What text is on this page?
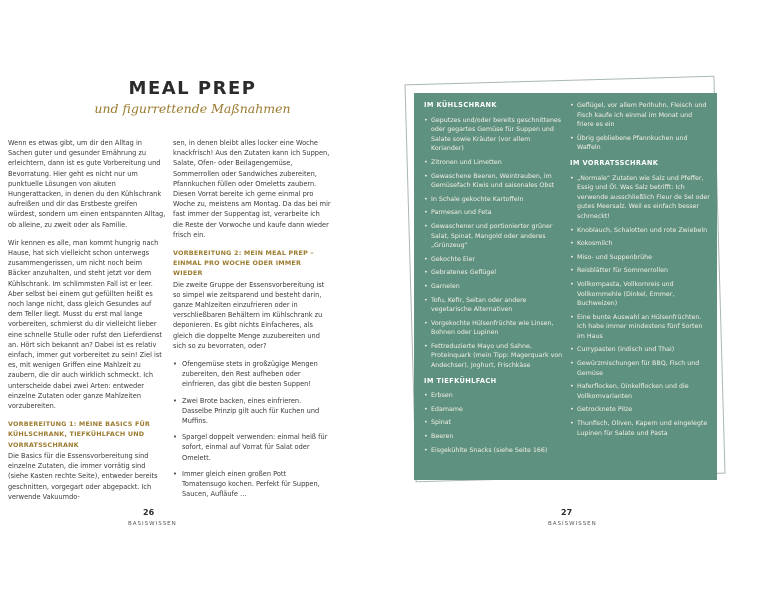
MEAL PREP
und figurrettende Maßnahmen

Wenn es etwas gibt, um dir den Alltag in Sachen guter und gesunder Ernährung zu erleichtern, dann ist es gute Vorbereitung und Bevorratung. Hier geht es nicht nur um punktuelle Lösungen von akuten Hungerattacken, in denen du den Kühlschrank aufreißen und dir das Erstbeste greifen würdest, sondern um einen entspannten Alltag, ob alleine, zu zweit oder als Familie.

Wir kennen es alle, man kommt hungrig nach Hause, hat sich vielleicht schon unterwegs zusammengerissen, um nicht noch beim Bäcker anzuhalten, und steht jetzt vor dem Kühlschrank. Im schlimmsten Fall ist er leer. Aber selbst bei einem gut gefüllten heißt es noch lange nicht, dass gleich Gesundes auf dem Teller liegt. Musst du erst mal lange vorbereiten, schmierst du dir vielleicht lieber eine schnelle Stulle oder rufst den Lieferdienst an. Hört sich bekannt an? Dabei ist es relativ einfach, immer gut vorbereitet zu sein! Ziel ist es, mit wenigen Griffen eine Mahlzeit zu zaubern, die dir auch wirklich schmeckt. Ich unterscheide dabei zwei Arten: entweder einzelne Zutaten oder ganze Mahlzeiten vorzubereiten.

VORBEREITUNG 1: MEINE BASICS FÜR KÜHLSCHRANK, TIEFKÜHLFACH UND VORRATSSCHRANK

Die Basics für die Essensvorbereitung sind einzelne Zutaten, die immer vorrätig sind (siehe Kasten rechte Seite), entweder bereits geschnitten, vorgegart oder abgepackt. Ich verwende Vakuumdo-

sen, in denen bleibt alles locker eine Woche knackfrisch! Aus den Zutaten kann ich Suppen, Salate, Ofen- oder Beilagengemüse, Sommerrollen oder Sandwiches zubereiten, Pfannkuchen füllen oder Omeletts zaubern. Diesen Vorrat bereite ich gerne einmal pro Woche zu, meistens am Montag. Da das bei mir fast immer der Suppentag ist, verarbeite ich die Reste der Vorwoche und kaufe dann wieder frisch ein.

VORBEREITUNG 2: MEIN MEAL PREP – EINMAL PRO WOCHE ODER IMMER WIEDER

Die zweite Gruppe der Essensvorbereitung ist so simpel wie zeitsparend und besteht darin, ganze Mahlzeiten einzufrieren oder in verschließbaren Behältern im Kühlschrank zu deponieren. Es gibt nichts Einfacheres, als gleich die doppelte Menge zuzubereiten und sich so zu bevorraten, oder?

• Ofengemüse stets in großzügige Mengen zubereiten, den Rest aufheben oder einfrieren, das gibt die besten Suppen!
• Zwei Brote backen, eines einfrieren. Dasselbe Prinzip gilt auch für Kuchen und Muffins.
• Spargel doppelt verwenden: einmal heiß für sofort, einmal auf Vorrat für Salat oder Omelett.
• Immer gleich einen großen Pott Tomatensugo kochen. Perfekt für Suppen, Saucen, Aufläufe …
26
BASISWISSEN
IM KÜHLSCHRANK
• Geputzes und/oder bereits geschnittenes oder gegartes Gemüse für Suppen und Salate sowie Kräuter (vor allem Koriander)
• Zitronen und Limetten
• Gewaschene Beeren, Weintrauben, im Gemüsefach Kiwis und saisonales Obst
• In Schale gekochte Kartoffeln
• Parmesan und Feta
• Gewaschener und portionierter grüner Salat, Spinat, Mangold oder anderes „Grünzeug“
• Gekochte Eier
• Gebratenes Geflügel
• Garnelen
• Tofu, Kefir, Seitan oder andere vegetarische Alternativen
• Vorgekochte Hülsenfrüchte wie Linsen, Bohnen oder Lupinen
• Fettreduzierte Mayo und Sahne, Proteinquark (mein Tipp: Magerquark von Andechser), Joghurt, Frischkäse
IM TIEFKÜHLFACH
• Erbsen
• Edamame
• Spinat
• Beeren
• Eisgekühlte Snacks (siehe Seite 166)
• Geflügel, vor allem Perlhuhn, Fleisch und Fisch kaufe ich einmal im Monat und friere es ein
• Übrig gebliebene Pfannkuchen und Waffeln
IM VORRATSSCHRANK
• „Normale“ Zutaten wie Salz und Pfeffer, Essig und Öl. Was Salz betrifft: Ich verwende ausschließlich Fleur de Sel oder gutes Meersalz. Weil es einfach besser schmeckt!
• Knoblauch, Schalotten und rote Zwiebeln
• Kokosmilch
• Miso- und Suppenbrühe
• Reisblätter für Sommerrollen
• Vollkornpasta, Vollkornreis und Vollkornmehle (Dinkel, Emmer, Buchweizen)
• Eine bunte Auswahl an Hülsenfrüchten. Ich habe immer mindestens fünf Sorten im Haus
• Currypasten (indisch und Thai)
• Gewürzmischungen für BBQ, Fisch und Gemüse
• Haferflocken, Dinkelflocken und die Vollkornvarianten
• Getrocknete Pilze
• Thunfisch, Oliven, Kapern und eingelegte Lupinen für Salate und Pasta
27
BASISWISSEN
